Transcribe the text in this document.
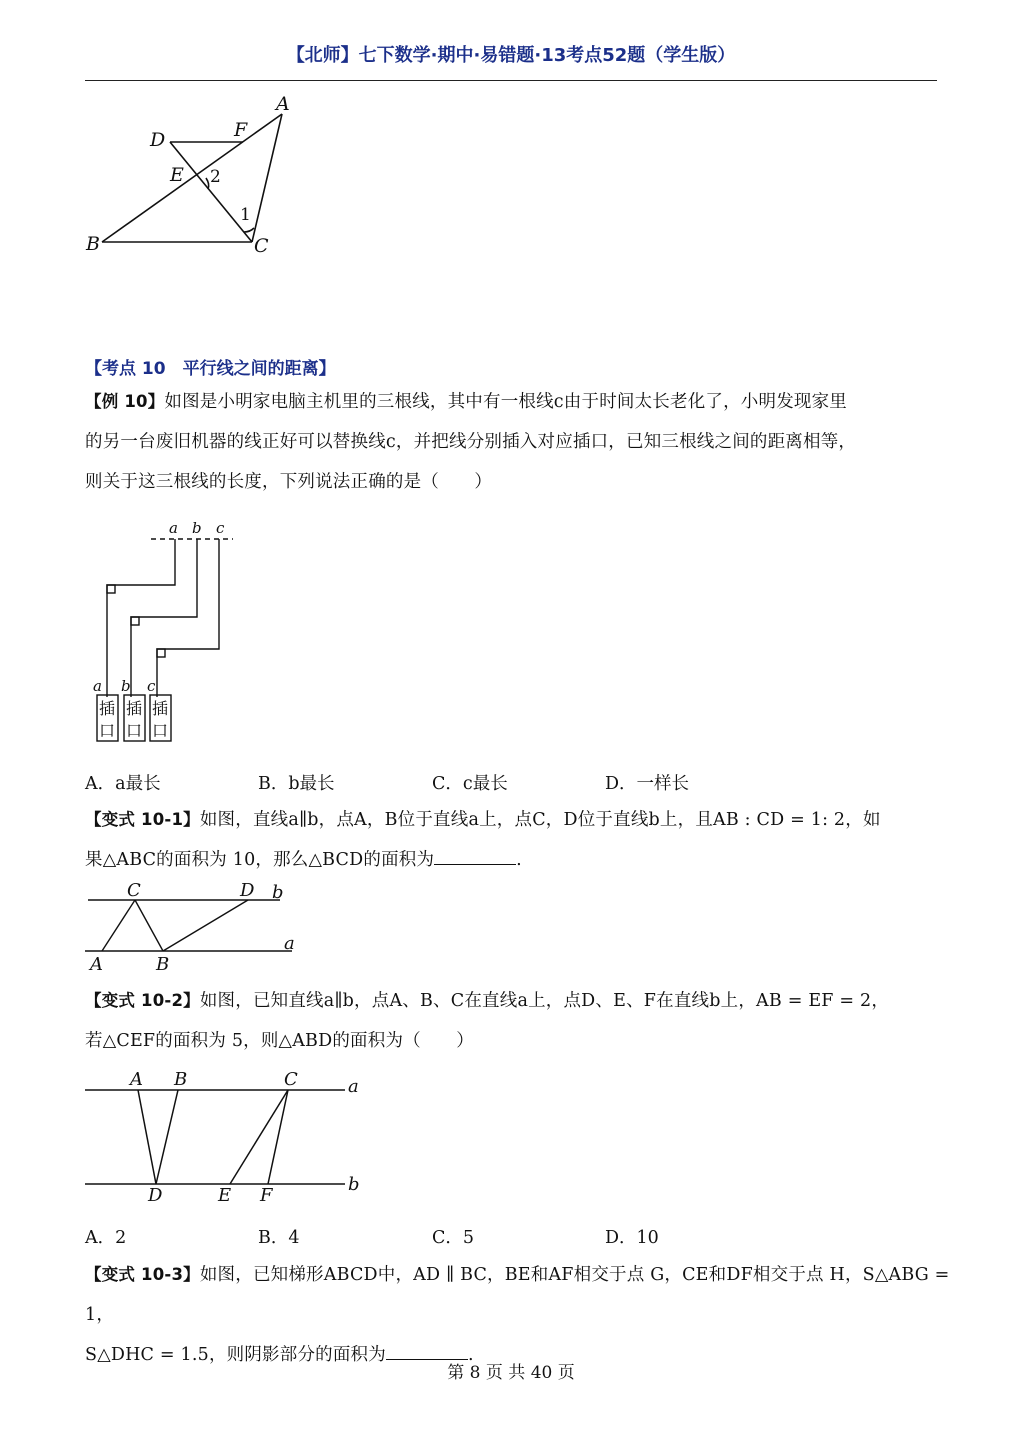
【北师】七下数学·期中·易错题·13考点52题（学生版）
A
D	F
E
B	C
2
1
【考点 10　平行线之间的距离】
【例 10】如图是小明家电脑主机里的三根线，其中有一根线c由于时间太长老化了，小明发现家里
的另一台废旧机器的线正好可以替换线c，并把线分别插入对应插口，已知三根线之间的距离相等，
则关于这三根线的长度，下列说法正确的是（　　）
a b c
a b c
插
口
插
口
插
口
A．a最长	B．b最长	C．c最长	D．一样长
【变式 10-1】如图，直线a∥b，点A，B位于直线a上，点C，D位于直线b上，且AB : CD = 1: 2，如
果△ABC的面积为 10，那么△BCD的面积为	.
C	D b
a
A	B
【变式 10-2】如图，已知直线a∥b，点A、B、C在直线a上，点D、E、F在直线b上，AB = EF = 2，
若△CEF的面积为 5，则△ABD的面积为（　　）
A B	C	a
D	E F
b
A．2	B．4	C．5	D．10
【变式 10-3】如图，已知梯形ABCD中，AD ∥ BC，BE和AF相交于点 G，CE和DF相交于点 H，S△ABG = 1，
S△DHC = 1.5，则阴影部分的面积为	.
第 8 页 共 40 页
